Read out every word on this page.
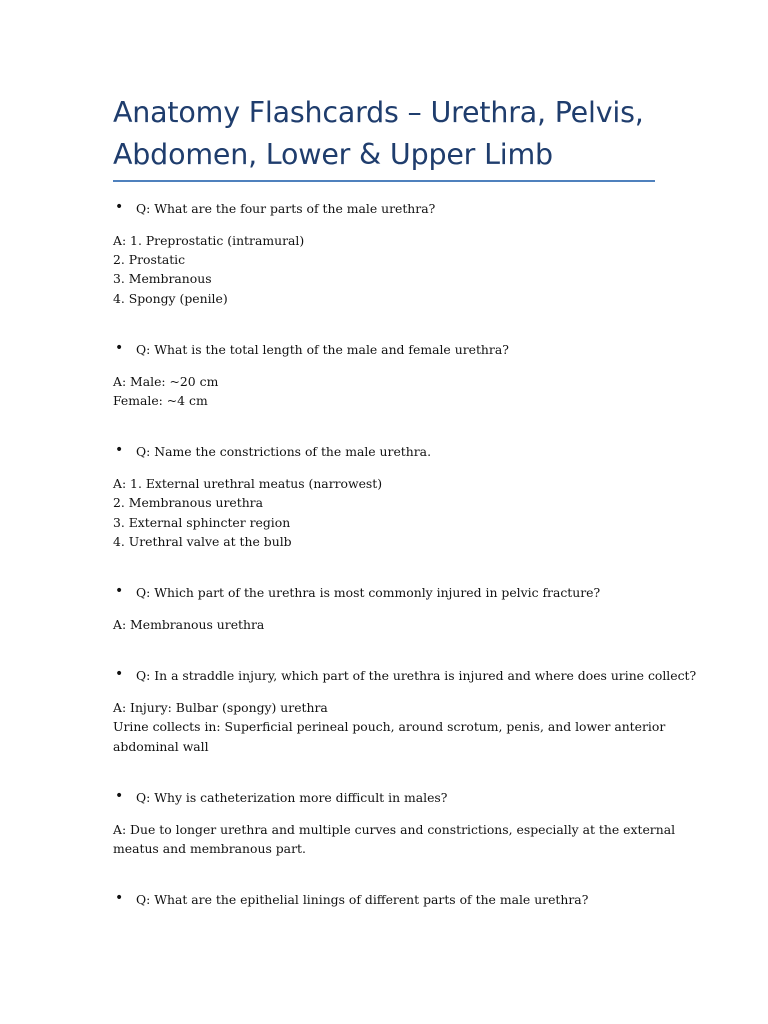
Anatomy Flashcards – Urethra, Pelvis, Abdomen, Lower & Upper Limb

• Q: What are the four parts of the male urethra?

A: 1. Preprostatic (intramural)
2. Prostatic
3. Membranous
4. Spongy (penile)

• Q: What is the total length of the male and female urethra?

A: Male: ~20 cm
Female: ~4 cm

• Q: Name the constrictions of the male urethra.

A: 1. External urethral meatus (narrowest)
2. Membranous urethra
3. External sphincter region
4. Urethral valve at the bulb

• Q: Which part of the urethra is most commonly injured in pelvic fracture?

A: Membranous urethra

• Q: In a straddle injury, which part of the urethra is injured and where does urine collect?

A: Injury: Bulbar (spongy) urethra
Urine collects in: Superficial perineal pouch, around scrotum, penis, and lower anterior
abdominal wall

• Q: Why is catheterization more difficult in males?

A: Due to longer urethra and multiple curves and constrictions, especially at the external
meatus and membranous part.

• Q: What are the epithelial linings of different parts of the male urethra?
